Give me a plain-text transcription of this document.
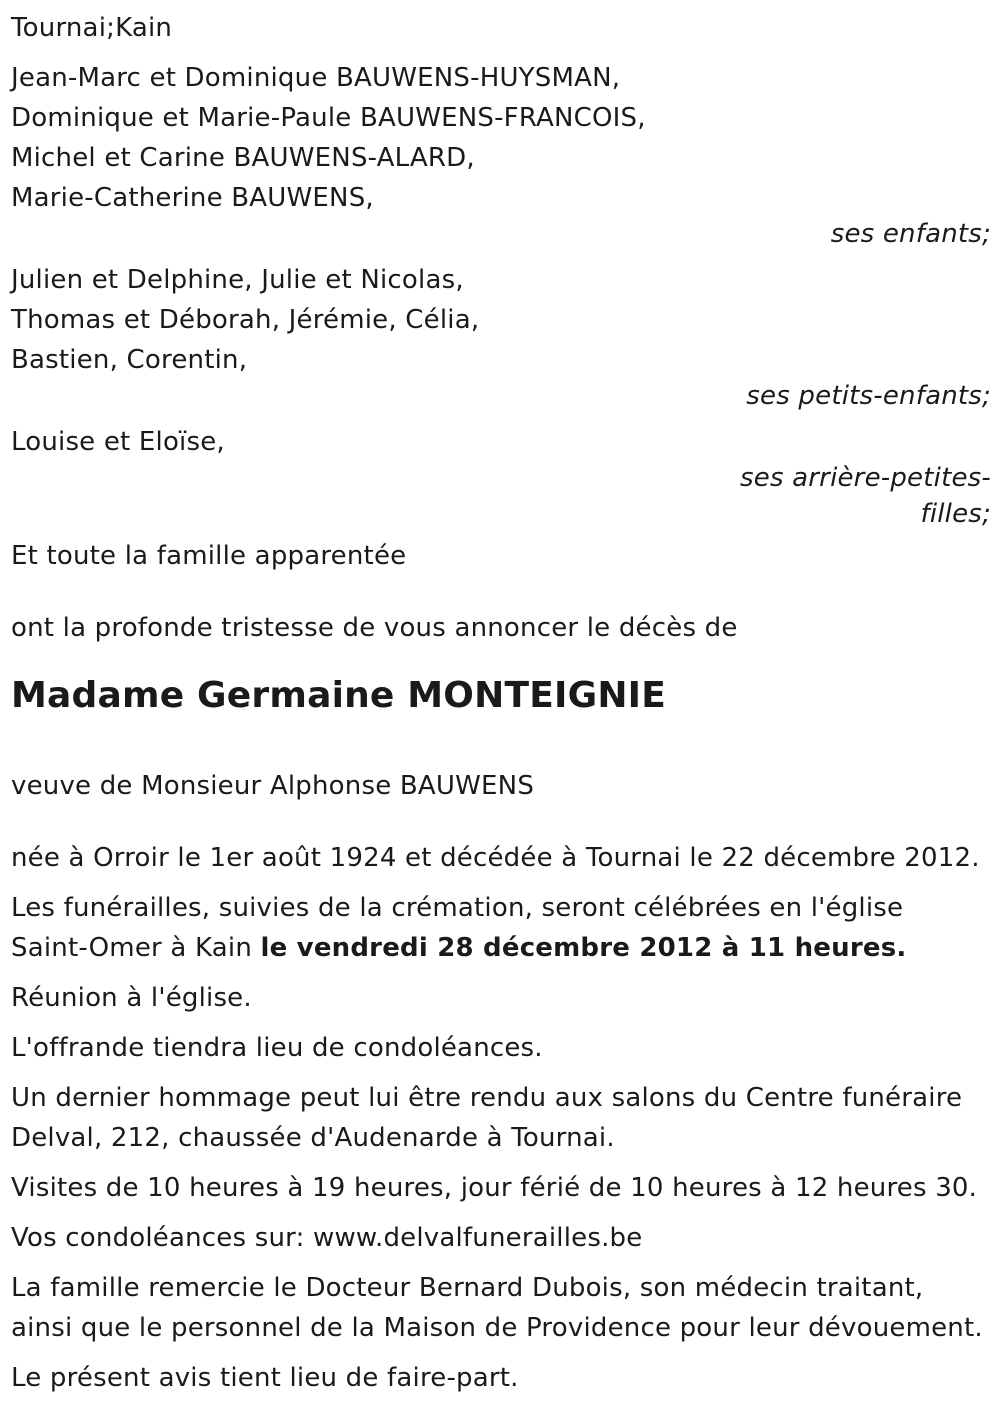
Tournai;Kain
Jean-Marc et Dominique BAUWENS-HUYSMAN,
Dominique et Marie-Paule BAUWENS-FRANCOIS,
Michel et Carine BAUWENS-ALARD,
Marie-Catherine BAUWENS,
ses enfants;
Julien et Delphine, Julie et Nicolas,
Thomas et Déborah, Jérémie, Célia,
Bastien, Corentin,
ses petits-enfants;
Louise et Eloïse,
ses arrière-petites-
filles;
Et toute la famille apparentée
ont la profonde tristesse de vous annoncer le décès de
Madame Germaine MONTEIGNIE
veuve de Monsieur Alphonse BAUWENS

née à Orroir le 1er août 1924 et décédée à Tournai le 22 décembre 2012.

Les funérailles, suivies de la crémation, seront célébrées en l'église

Saint-Omer à Kain le vendredi 28 décembre 2012 à 11 heures.

Réunion à l'église.

L'offrande tiendra lieu de condoléances.

Un dernier hommage peut lui être rendu aux salons du Centre funéraire

Delval, 212, chaussée d'Audenarde à Tournai.

Visites de 10 heures à 19 heures, jour férié de 10 heures à 12 heures 30.

Vos condoléances sur: www.delvalfunerailles.be

La famille remercie le Docteur Bernard Dubois, son médecin traitant,

ainsi que le personnel de la Maison de Providence pour leur dévouement.

Le présent avis tient lieu de faire-part.
